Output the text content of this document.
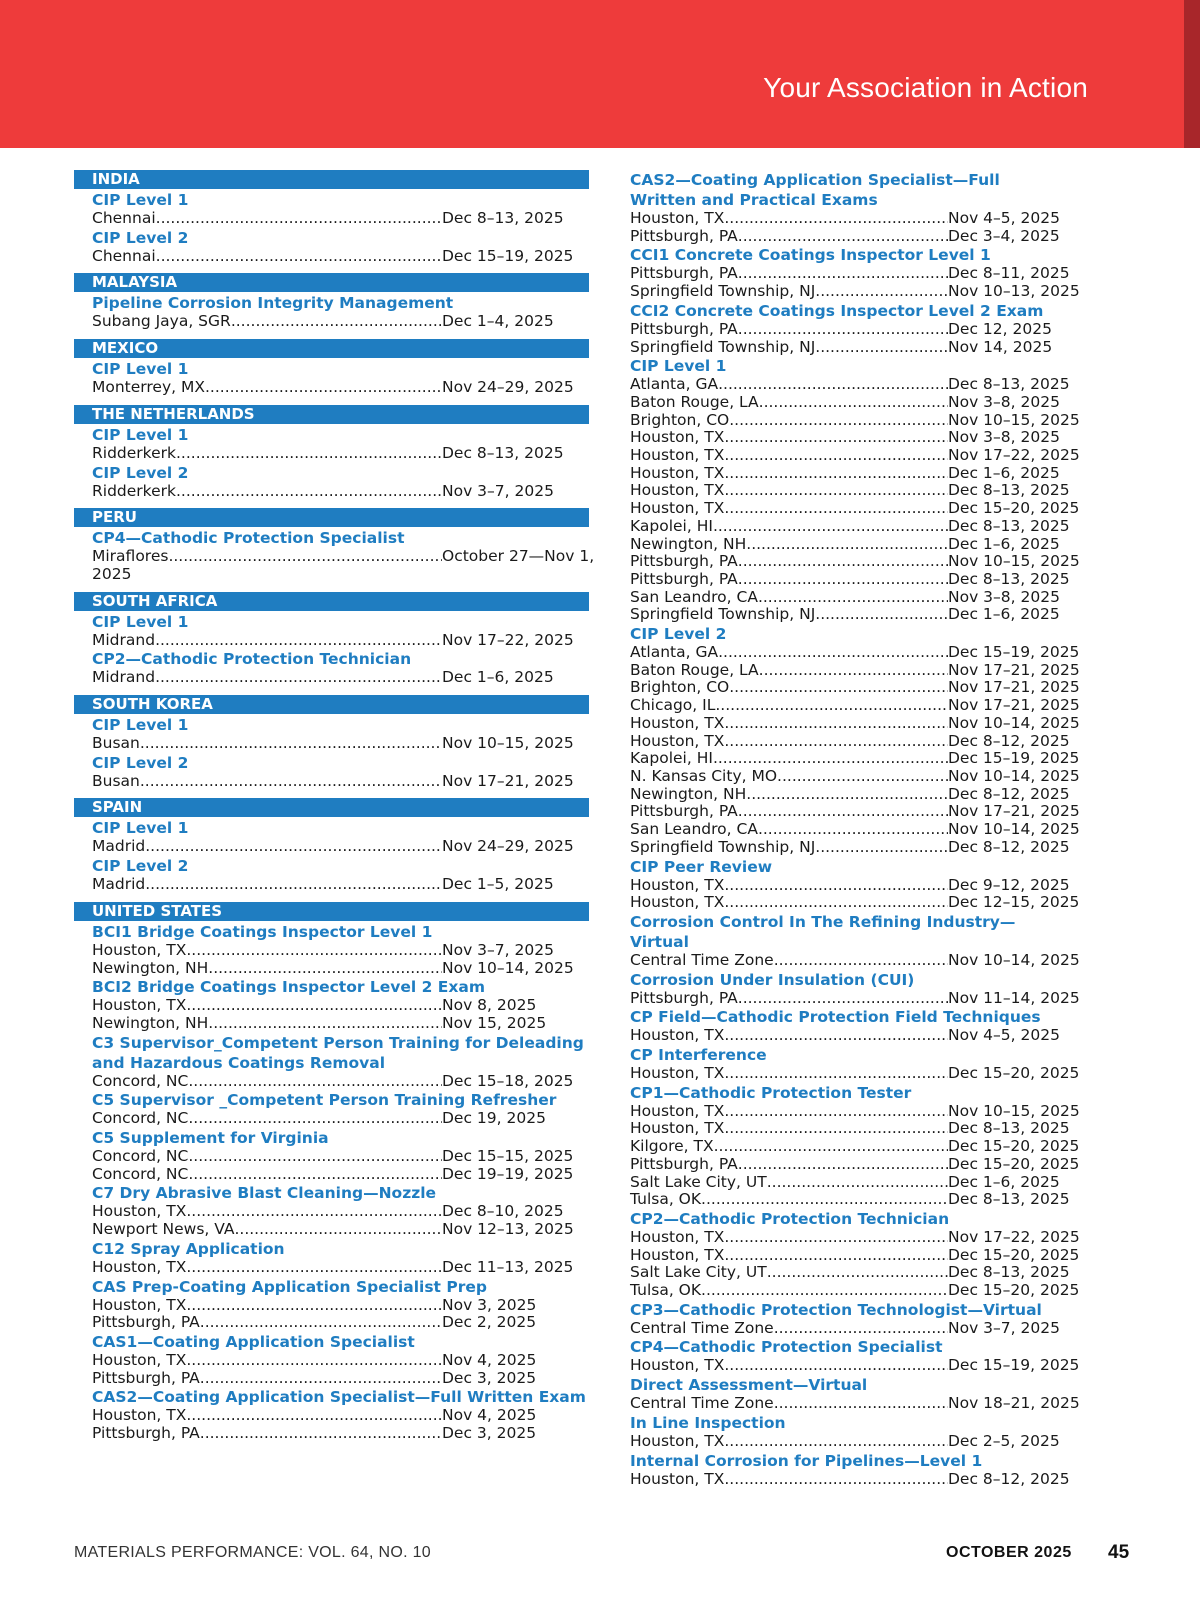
Your Association in Action
INDIA
CIP Level 1
Chennai .....	Dec 8–13, 2025
CIP Level 2
Chennai .....	Dec 15–19, 2025
MALAYSIA
Pipeline Corrosion Integrity Management
Subang Jaya, SGR .....	Dec 1–4, 2025
MEXICO
CIP Level 1
Monterrey, MX .....	Nov 24–29, 2025
THE NETHERLANDS
CIP Level 1
Ridderkerk .....	Dec 8–13, 2025
CIP Level 2
Ridderkerk .....	Nov 3–7, 2025
PERU
CP4—Cathodic Protection Specialist
Miraflores .....	October 27—Nov 1,
2025
SOUTH AFRICA
CIP Level 1
Midrand .....	Nov 17–22, 2025
CP2—Cathodic Protection Technician
Midrand .....	Dec 1–6, 2025
SOUTH KOREA
CIP Level 1
Busan .....	Nov 10–15, 2025
CIP Level 2
Busan .....	Nov 17–21, 2025
SPAIN
CIP Level 1
Madrid .....	Nov 24–29, 2025
CIP Level 2
Madrid .....	Dec 1–5, 2025
UNITED STATES
BCI1 Bridge Coatings Inspector Level 1
Houston, TX .....	Nov 3–7, 2025
Newington, NH .....	Nov 10–14, 2025
BCI2 Bridge Coatings Inspector Level 2 Exam
Houston, TX .....	Nov 8, 2025
Newington, NH .....	Nov 15, 2025
C3 Supervisor_Competent Person Training for Deleading and Hazardous Coatings Removal
Concord, NC .....	Dec 15–18, 2025
C5 Supervisor _Competent Person Training Refresher
Concord, NC .....	Dec 19, 2025
C5 Supplement for Virginia
Concord, NC .....	Dec 15–15, 2025
Concord, NC .....	Dec 19–19, 2025
C7 Dry Abrasive Blast Cleaning—Nozzle
Houston, TX .....	Dec 8–10, 2025
Newport News, VA .....	Nov 12–13, 2025
C12 Spray Application
Houston, TX .....	Dec 11–13, 2025
CAS Prep-Coating Application Specialist Prep
Houston, TX .....	Nov 3, 2025
Pittsburgh, PA .....	Dec 2, 2025
CAS1—Coating Application Specialist
Houston, TX .....	Nov 4, 2025
Pittsburgh, PA .....	Dec 3, 2025
CAS2—Coating Application Specialist—Full Written Exam
Houston, TX .....	Nov 4, 2025
Pittsburgh, PA .....	Dec 3, 2025
CAS2—Coating Application Specialist—Full Written and Practical Exams
Houston, TX .....	Nov 4–5, 2025
Pittsburgh, PA .....	Dec 3–4, 2025
CCI1 Concrete Coatings Inspector Level 1
Pittsburgh, PA .....	Dec 8–11, 2025
Springfield Township, NJ .....	Nov 10–13, 2025
CCI2 Concrete Coatings Inspector Level 2 Exam
Pittsburgh, PA .....	Dec 12, 2025
Springfield Township, NJ .....	Nov 14, 2025
CIP Level 1
Atlanta, GA .....	Dec 8–13, 2025
Baton Rouge, LA .....	Nov 3–8, 2025
Brighton, CO .....	Nov 10–15, 2025
Houston, TX .....	Nov 3–8, 2025
Houston, TX .....	Nov 17–22, 2025
Houston, TX .....	Dec 1–6, 2025
Houston, TX .....	Dec 8–13, 2025
Houston, TX .....	Dec 15–20, 2025
Kapolei, HI .....	Dec 8–13, 2025
Newington, NH .....	Dec 1–6, 2025
Pittsburgh, PA .....	Nov 10–15, 2025
Pittsburgh, PA .....	Dec 8–13, 2025
San Leandro, CA .....	Nov 3–8, 2025
Springfield Township, NJ .....	Dec 1–6, 2025
CIP Level 2
Atlanta, GA .....	Dec 15–19, 2025
Baton Rouge, LA .....	Nov 17–21, 2025
Brighton, CO .....	Nov 17–21, 2025
Chicago, IL .....	Nov 17–21, 2025
Houston, TX .....	Nov 10–14, 2025
Houston, TX .....	Dec 8–12, 2025
Kapolei, HI .....	Dec 15–19, 2025
N. Kansas City, MO .....	Nov 10–14, 2025
Newington, NH .....	Dec 8–12, 2025
Pittsburgh, PA .....	Nov 17–21, 2025
San Leandro, CA .....	Nov 10–14, 2025
Springfield Township, NJ .....	Dec 8–12, 2025
CIP Peer Review
Houston, TX .....	Dec 9–12, 2025
Houston, TX .....	Dec 12–15, 2025
Corrosion Control In The Refining Industry—Virtual
Central Time Zone .....	Nov 10–14, 2025
Corrosion Under Insulation (CUI)
Pittsburgh, PA .....	Nov 11–14, 2025
CP Field—Cathodic Protection Field Techniques
Houston, TX .....	Nov 4–5, 2025
CP Interference
Houston, TX .....	Dec 15–20, 2025
CP1—Cathodic Protection Tester
Houston, TX .....	Nov 10–15, 2025
Houston, TX .....	Dec 8–13, 2025
Kilgore, TX .....	Dec 15–20, 2025
Pittsburgh, PA .....	Dec 15–20, 2025
Salt Lake City, UT .....	Dec 1–6, 2025
Tulsa, OK .....	Dec 8–13, 2025
CP2—Cathodic Protection Technician
Houston, TX .....	Nov 17–22, 2025
Houston, TX .....	Dec 15–20, 2025
Salt Lake City, UT .....	Dec 8–13, 2025
Tulsa, OK .....	Dec 15–20, 2025
CP3—Cathodic Protection Technologist—Virtual
Central Time Zone .....	Nov 3–7, 2025
CP4—Cathodic Protection Specialist
Houston, TX .....	Dec 15–19, 2025
Direct Assessment—Virtual
Central Time Zone .....	Nov 18–21, 2025
In Line Inspection
Houston, TX .....	Dec 2–5, 2025
Internal Corrosion for Pipelines—Level 1
Houston, TX .....	Dec 8–12, 2025
MATERIALS PERFORMANCE: VOL. 64, NO. 10	OCTOBER 2025 45
